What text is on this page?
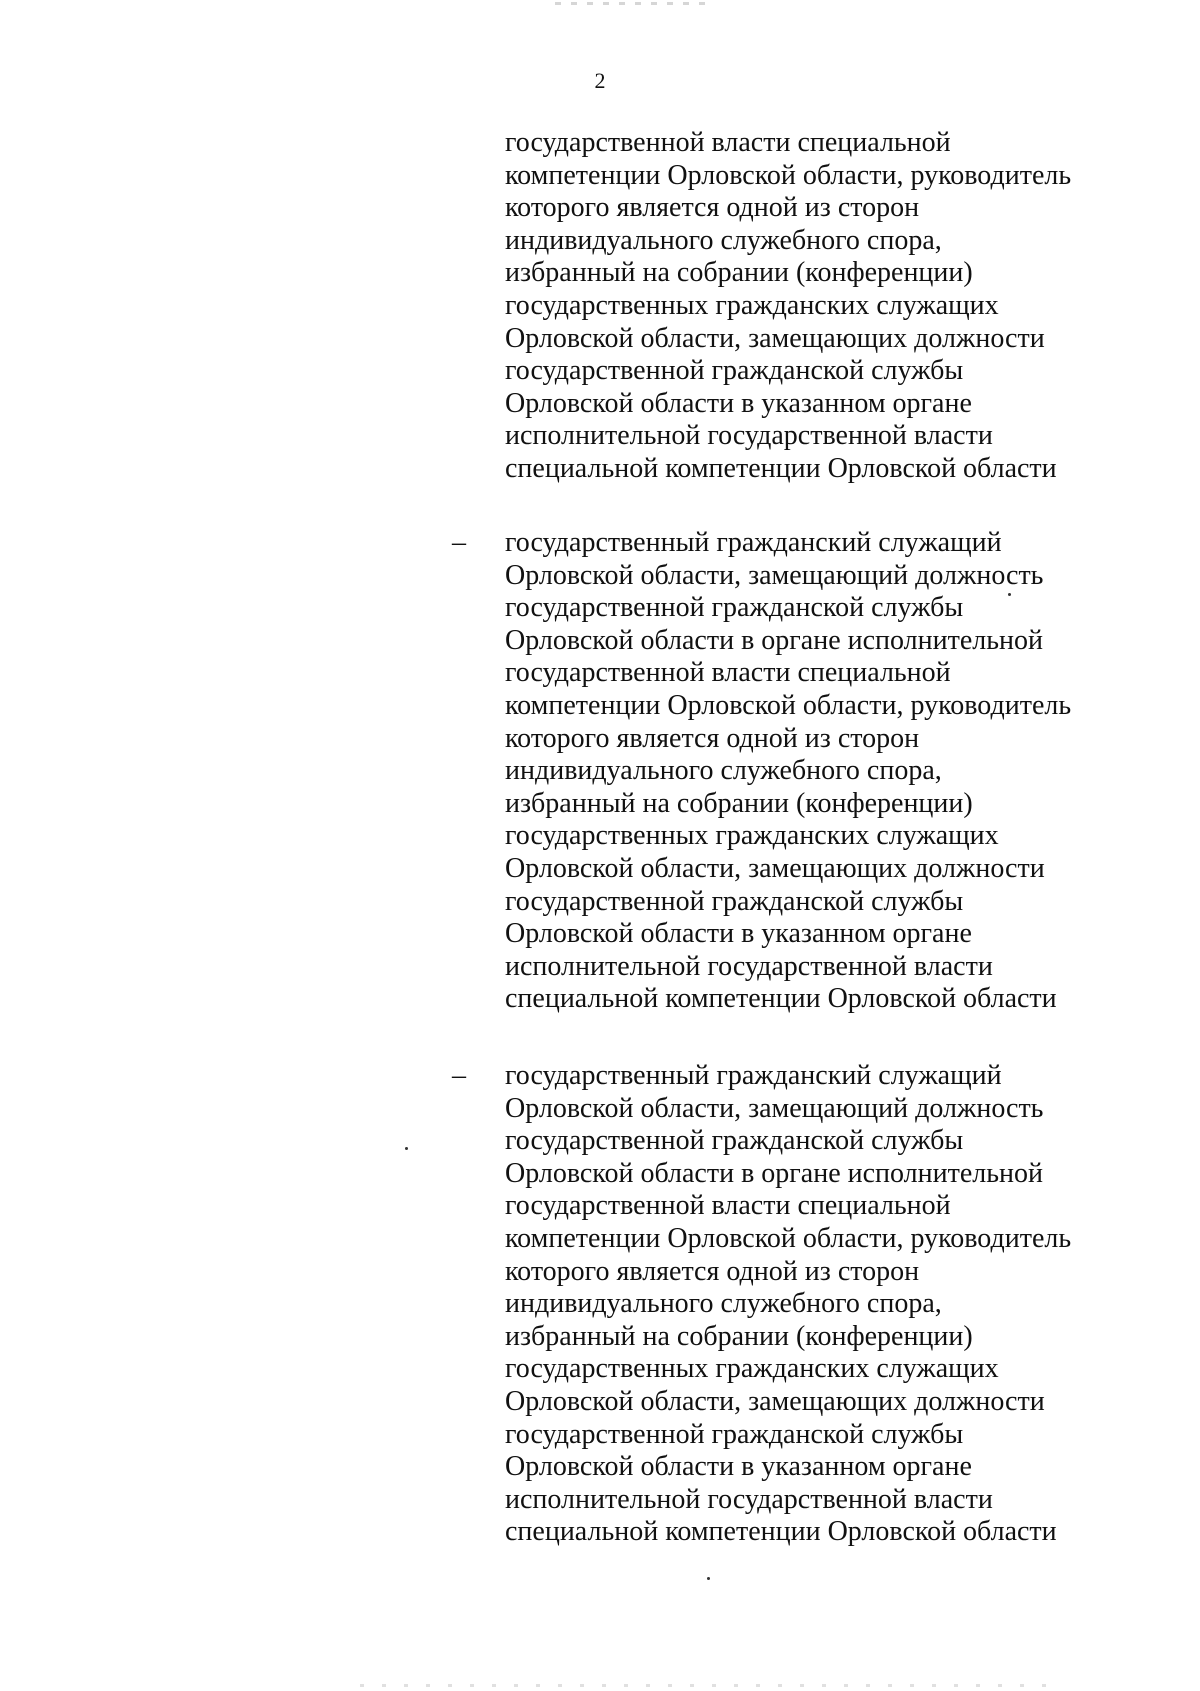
2
государственной власти специальной
компетенции Орловской области, руководитель
которого является одной из сторон
индивидуального служебного спора,
избранный на собрании (конференции)
государственных гражданских служащих
Орловской области, замещающих должности
государственной гражданской службы
Орловской области в указанном органе
исполнительной государственной власти
специальной компетенции Орловской области
– государственный гражданский служащий
Орловской области, замещающий должность
государственной гражданской службы
Орловской области в органе исполнительной
государственной власти специальной
компетенции Орловской области, руководитель
которого является одной из сторон
индивидуального служебного спора,
избранный на собрании (конференции)
государственных гражданских служащих
Орловской области, замещающих должности
государственной гражданской службы
Орловской области в указанном органе
исполнительной государственной власти
специальной компетенции Орловской области
– государственный гражданский служащий
Орловской области, замещающий должность
государственной гражданской службы
Орловской области в органе исполнительной
государственной власти специальной
компетенции Орловской области, руководитель
которого является одной из сторон
индивидуального служебного спора,
избранный на собрании (конференции)
государственных гражданских служащих
Орловской области, замещающих должности
государственной гражданской службы
Орловской области в указанном органе
исполнительной государственной власти
специальной компетенции Орловской области
